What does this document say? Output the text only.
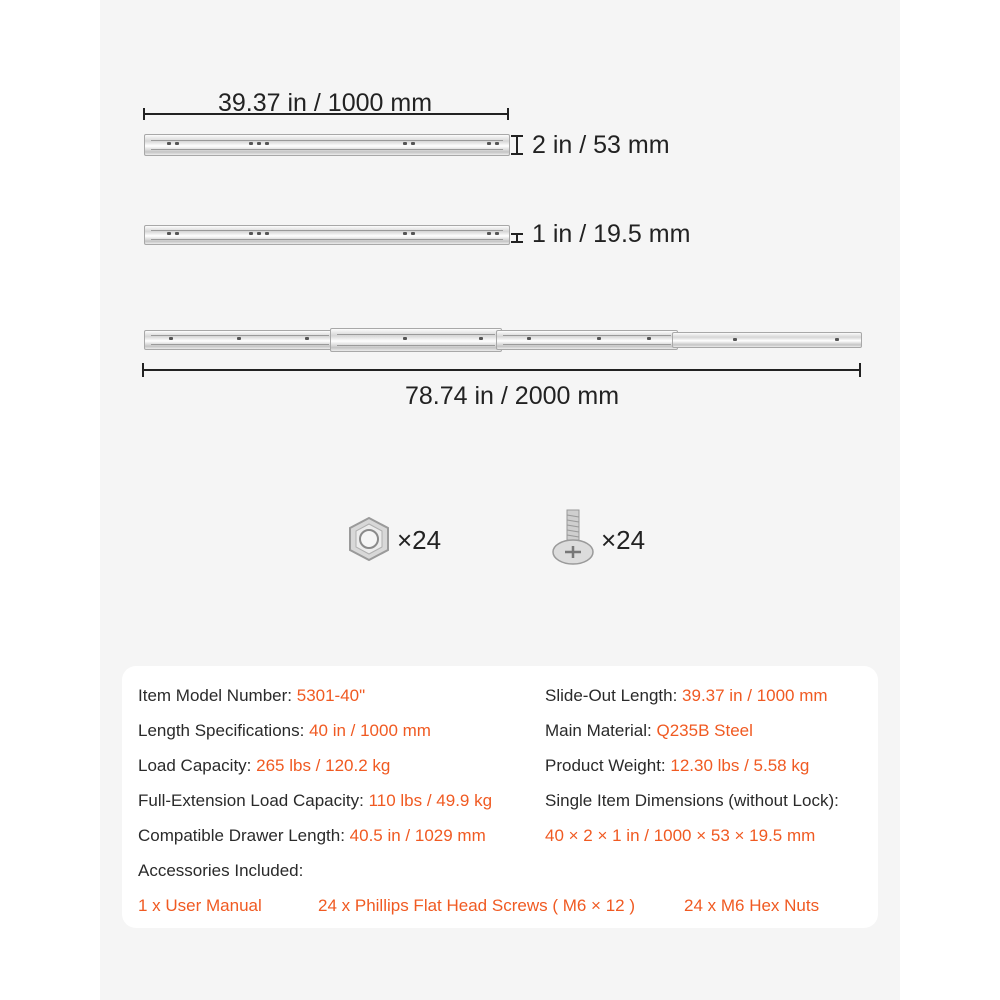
39.37 in / 1000 mm
2 in / 53 mm
1 in / 19.5 mm
78.74 in / 2000 mm
×24	×24
Item Model Number: 5301-40"
Length Specifications: 40 in / 1000 mm
Load Capacity: 265 lbs / 120.2 kg
Full-Extension Load Capacity: 110 lbs / 49.9 kg
Compatible Drawer Length: 40.5 in / 1029 mm
Slide-Out Length: 39.37 in / 1000 mm
Main Material: Q235B Steel
Product Weight: 12.30 lbs / 5.58 kg
Single Item Dimensions (without Lock):
40 × 2 × 1 in / 1000 × 53 × 19.5 mm
Accessories Included:
1 x User Manual	24 x Phillips Flat Head Screws ( M6 × 12 )	24 x M6 Hex Nuts
